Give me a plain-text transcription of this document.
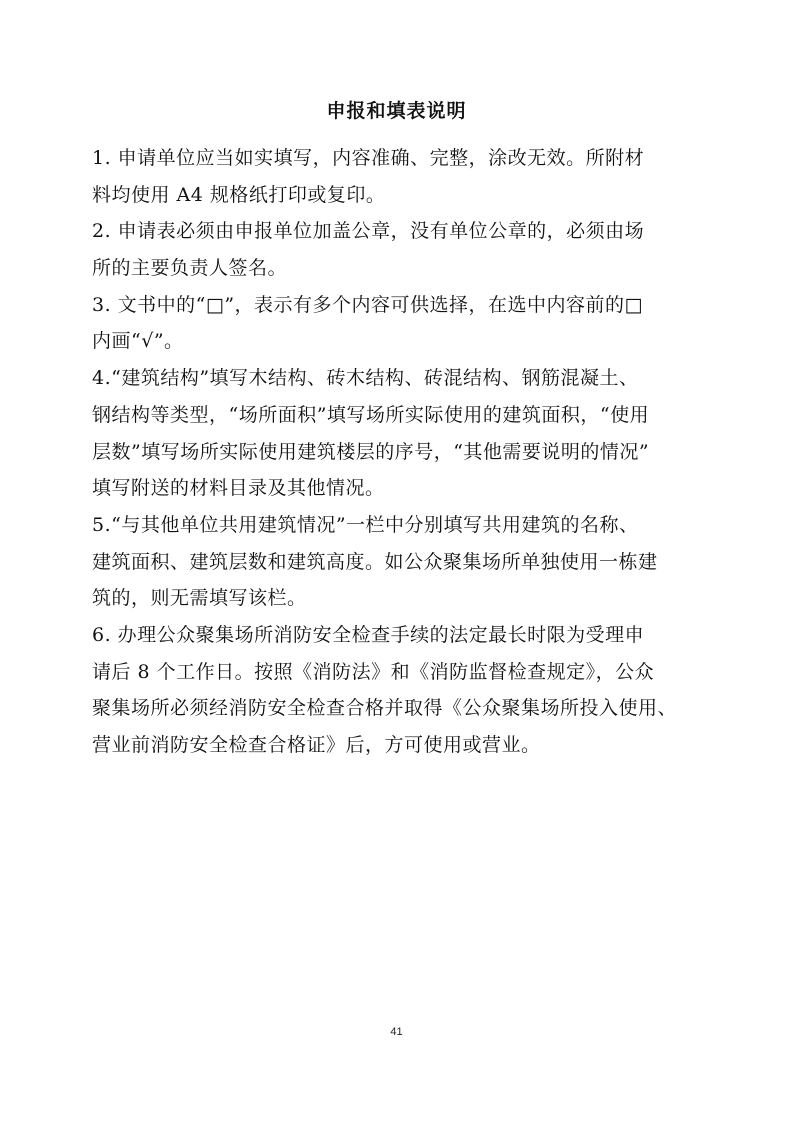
申报和填表说明
1. 申请单位应当如实填写，内容准确、完整，涂改无效。所附材
料均使用 A4 规格纸打印或复印。
2. 申请表必须由申报单位加盖公章，没有单位公章的，必须由场
所的主要负责人签名。
3. 文书中的“□”，表示有多个内容可供选择，在选中内容前的□
内画“√”。
4.“建筑结构”填写木结构、砖木结构、砖混结构、钢筋混凝土、
钢结构等类型，“场所面积”填写场所实际使用的建筑面积，“使用
层数”填写场所实际使用建筑楼层的序号，“其他需要说明的情况”
填写附送的材料目录及其他情况。
5.“与其他单位共用建筑情况”一栏中分别填写共用建筑的名称、
建筑面积、建筑层数和建筑高度。如公众聚集场所单独使用一栋建
筑的，则无需填写该栏。
6. 办理公众聚集场所消防安全检查手续的法定最长时限为受理申
请后 8 个工作日。按照《消防法》和《消防监督检查规定》，公众
聚集场所必须经消防安全检查合格并取得《公众聚集场所投入使用、
营业前消防安全检查合格证》后，方可使用或营业。
41
